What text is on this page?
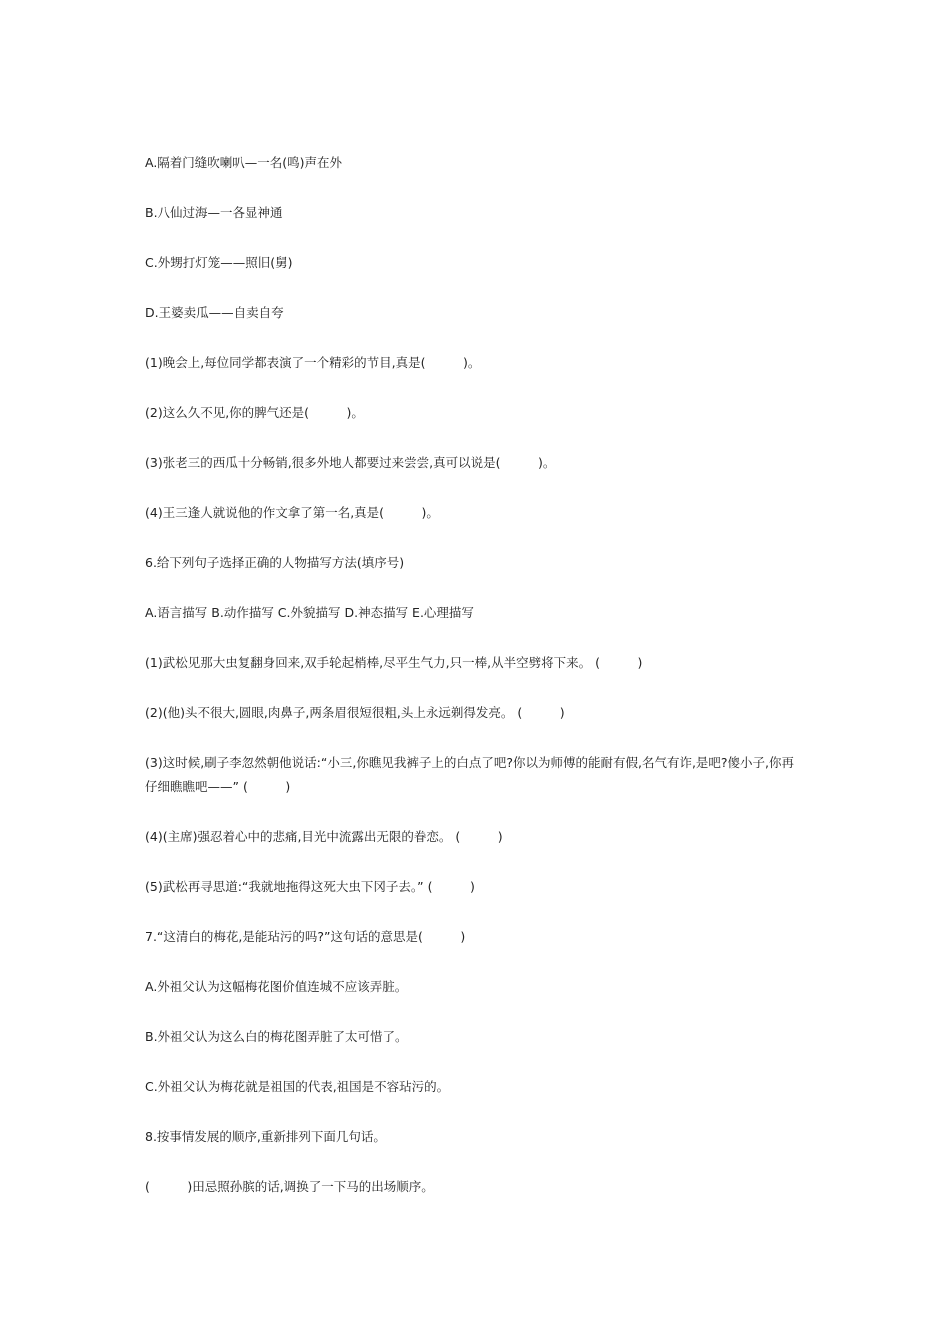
A.隔着门缝吹喇叭—一名(鸣)声在外
B.八仙过海—一各显神通
C.外甥打灯笼——照旧(舅)
D.王婆卖瓜——自卖自夸
(1)晚会上,每位同学都表演了一个精彩的节目,真是(　　　)。
(2)这么久不见,你的脾气还是(　　　)。
(3)张老三的西瓜十分畅销,很多外地人都要过来尝尝,真可以说是(　　　)。
(4)王三逢人就说他的作文拿了第一名,真是(　　　)。
6.给下列句子选择正确的人物描写方法(填序号)
A.语言描写 B.动作描写 C.外貌描写 D.神态描写 E.心理描写
(1)武松见那大虫复翻身回来,双手轮起梢棒,尽平生气力,只一棒,从半空劈将下来。 (　　　)
(2)(他)头不很大,圆眼,肉鼻子,两条眉很短很粗,头上永远剃得发亮。 (　　　)
(3)这时候,刷子李忽然朝他说话:“小三,你瞧见我裤子上的白点了吧?你以为师傅的能耐有假,名气有诈,是吧?傻小子,你再
仔细瞧瞧吧——” (　　　)
(4)(主席)强忍着心中的悲痛,目光中流露出无限的眷恋。 (　　　)
(5)武松再寻思道:“我就地拖得这死大虫下冈子去。” (　　　)
7.“这清白的梅花,是能玷污的吗?”这句话的意思是(　　　)
A.外祖父认为这幅梅花图价值连城不应该弄脏。
B.外祖父认为这么白的梅花图弄脏了太可惜了。
C.外祖父认为梅花就是祖国的代表,祖国是不容玷污的。
8.按事情发展的顺序,重新排列下面几句话。
(　　　)田忌照孙膑的话,调换了一下马的出场顺序。
